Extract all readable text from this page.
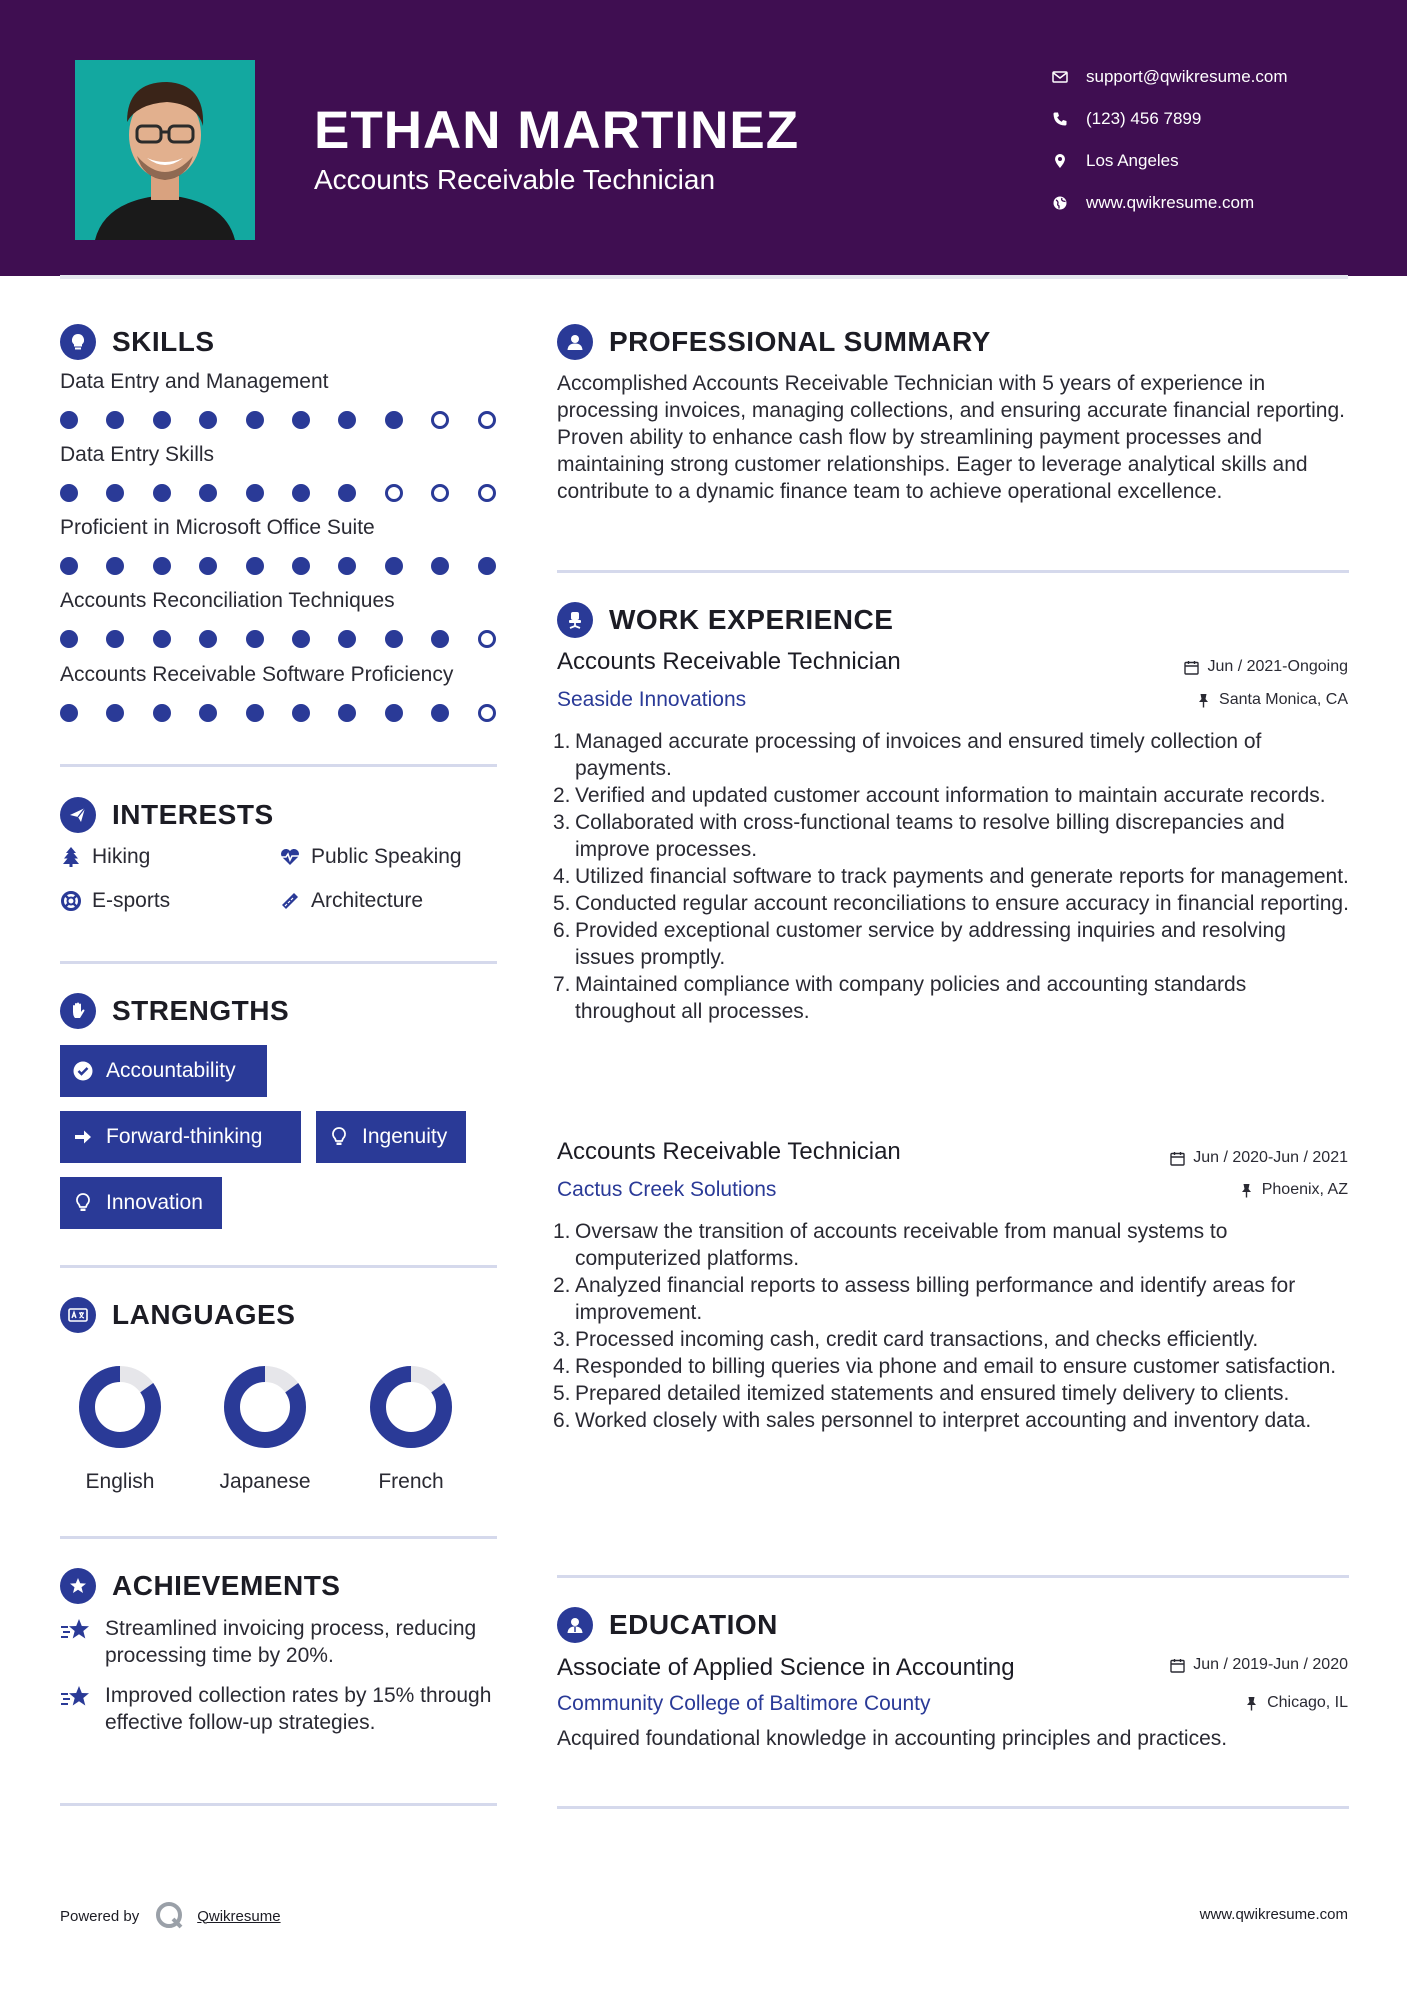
ETHAN MARTINEZ
Accounts Receivable Technician
support@qwikresume.com
(123) 456 7899
Los Angeles
www.qwikresume.com
SKILLS
Data Entry and Management
Data Entry Skills
Proficient in Microsoft Office Suite
Accounts Reconciliation Techniques
Accounts Receivable Software Proficiency
INTERESTS
Hiking	Public Speaking
E-sports	Architecture
STRENGTHS
Accountability
Forward-thinking	Ingenuity
Innovation
LANGUAGES
English	Japanese	French
ACHIEVEMENTS
Streamlined invoicing process, reducing processing time by 20%.
Improved collection rates by 15% through effective follow-up strategies.
PROFESSIONAL SUMMARY
Accomplished Accounts Receivable Technician with 5 years of experience in processing invoices, managing collections, and ensuring accurate financial reporting. Proven ability to enhance cash flow by streamlining payment processes and maintaining strong customer relationships. Eager to leverage analytical skills and contribute to a dynamic finance team to achieve operational excellence.
WORK EXPERIENCE
Accounts Receivable Technician	Jun / 2021-Ongoing
Seaside Innovations	Santa Monica, CA
1. Managed accurate processing of invoices and ensured timely collection of payments.
2. Verified and updated customer account information to maintain accurate records.
3. Collaborated with cross-functional teams to resolve billing discrepancies and improve processes.
4. Utilized financial software to track payments and generate reports for management.
5. Conducted regular account reconciliations to ensure accuracy in financial reporting.
6. Provided exceptional customer service by addressing inquiries and resolving issues promptly.
7. Maintained compliance with company policies and accounting standards throughout all processes.
Accounts Receivable Technician	Jun / 2020-Jun / 2021
Cactus Creek Solutions	Phoenix, AZ
1. Oversaw the transition of accounts receivable from manual systems to computerized platforms.
2. Analyzed financial reports to assess billing performance and identify areas for improvement.
3. Processed incoming cash, credit card transactions, and checks efficiently.
4. Responded to billing queries via phone and email to ensure customer satisfaction.
5. Prepared detailed itemized statements and ensured timely delivery to clients.
6. Worked closely with sales personnel to interpret accounting and inventory data.
EDUCATION
Associate of Applied Science in Accounting	Jun / 2019-Jun / 2020
Community College of Baltimore County	Chicago, IL
Acquired foundational knowledge in accounting principles and practices.
Powered by	Qwikresume	www.qwikresume.com
